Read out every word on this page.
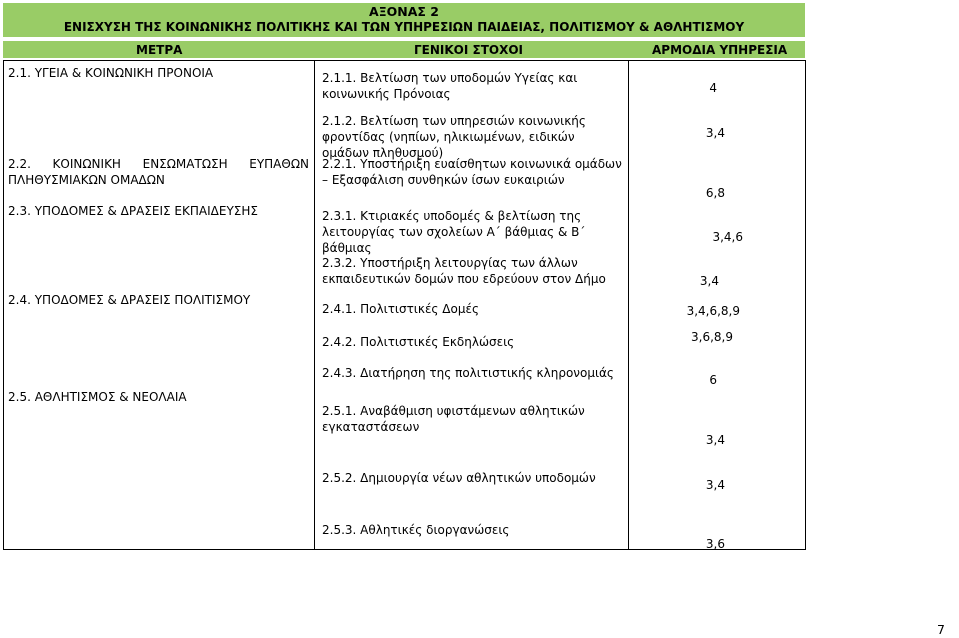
ΑΞΟΝΑΣ 2
ΕΝΙΣΧΥΣΗ ΤΗΣ ΚΟΙΝΩΝΙΚΗΣ ΠΟΛΙΤΙΚΗΣ ΚΑΙ ΤΩΝ ΥΠΗΡΕΣΙΩΝ ΠΑΙΔΕΙΑΣ, ΠΟΛΙΤΙΣΜΟΥ & ΑΘΛΗΤΙΣΜΟΥ
ΜΕΤΡΑ	ΓΕΝΙΚΟΙ ΣΤΟΧΟΙ	ΑΡΜΟΔΙΑ ΥΠΗΡΕΣΙΑ
2.1. ΥΓΕΙΑ & ΚΟΙΝΩΝΙΚΗ ΠΡΟΝΟΙΑ
2.2. ΚΟΙΝΩΝΙΚΗ ΕΝΣΩΜΑΤΩΣΗ ΕΥΠΑΘΩΝ
ΠΛΗΘΥΣΜΙΑΚΩΝ ΟΜΑΔΩΝ
2.3. ΥΠΟΔΟΜΕΣ & ΔΡΑΣΕΙΣ ΕΚΠΑΙΔΕΥΣΗΣ
2.4. ΥΠΟΔΟΜΕΣ & ΔΡΑΣΕΙΣ ΠΟΛΙΤΙΣΜΟΥ
2.5. ΑΘΛΗΤΙΣΜΟΣ & ΝΕΟΛΑΙΑ
2.1.1. Βελτίωση των υποδομών Υγείας και κοινωνικής Πρόνοιας
2.1.2. Βελτίωση των υπηρεσιών κοινωνικής φροντίδας (νηπίων, ηλικιωμένων, ειδικών ομάδων πληθυσμού)
2.2.1. Υποστήριξη ευαίσθητων κοινωνικά ομάδων – Εξασφάλιση συνθηκών ίσων ευκαιριών
2.3.1. Κτιριακές υποδομές & βελτίωση της λειτουργίας των σχολείων Α΄ βάθμιας & Β΄ βάθμιας
2.3.2. Υποστήριξη λειτουργίας των άλλων εκπαιδευτικών δομών που εδρεύουν στον Δήμο
2.4.1. Πολιτιστικές Δομές
2.4.2. Πολιτιστικές Εκδηλώσεις
2.4.3. Διατήρηση της πολιτιστικής κληρονομιάς
2.5.1. Αναβάθμιση υφιστάμενων αθλητικών εγκαταστάσεων
2.5.2. Δημιουργία νέων αθλητικών υποδομών
2.5.3. Αθλητικές διοργανώσεις
4
3,4
6,8
3,4,6
3,4
3,4,6,8,9
3,6,8,9
6
3,4
3,4
3,6
7
